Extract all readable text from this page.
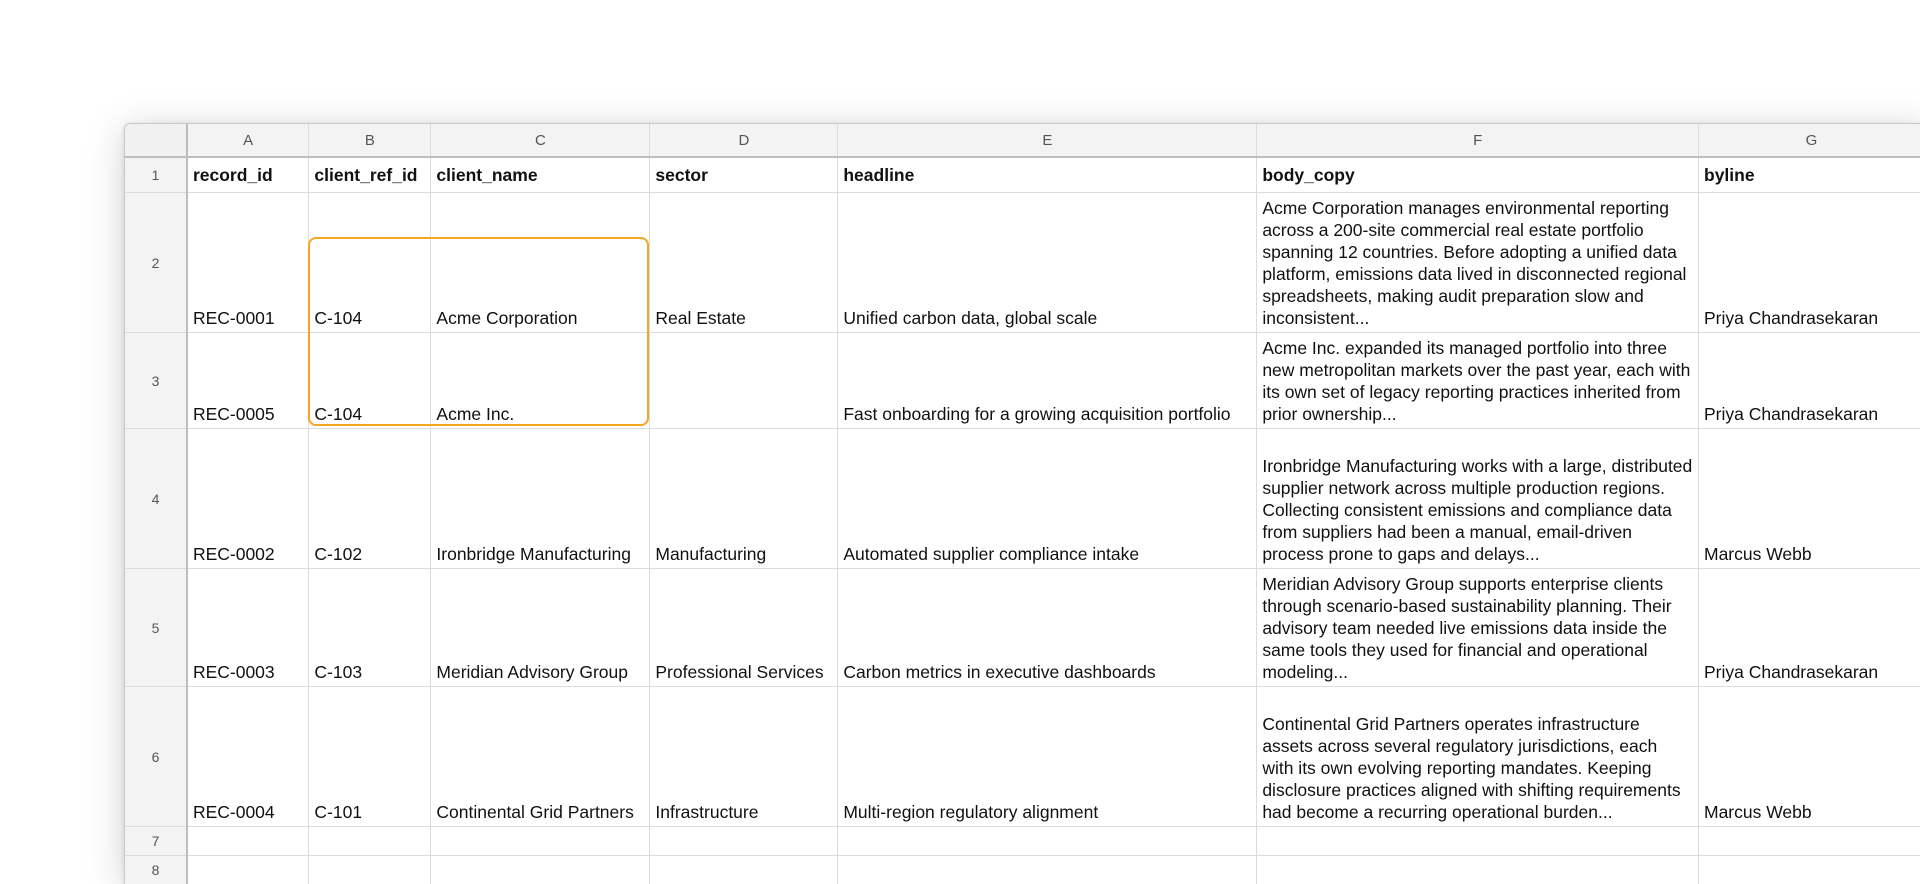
	A	B	C	D	E	F	G
1	record_id	client_ref_id	client_name	sector	headline	body_copy	byline
2	REC-0001	C-104	Acme Corporation	Real Estate	Unified carbon data, global scale	Acme Corporation manages environmental reporting across a 200-site commercial real estate portfolio spanning 12 countries. Before adopting a unified data platform, emissions data lived in disconnected regional spreadsheets, making audit preparation slow and inconsistent...	Priya Chandrasekaran
3	REC-0005	C-104	Acme Inc.		Fast onboarding for a growing acquisition portfolio	Acme Inc. expanded its managed portfolio into three new metropolitan markets over the past year, each with its own set of legacy reporting practices inherited from prior ownership...	Priya Chandrasekaran
4	REC-0002	C-102	Ironbridge Manufacturing	Manufacturing	Automated supplier compliance intake	Ironbridge Manufacturing works with a large, distributed supplier network across multiple production regions. Collecting consistent emissions and compliance data from suppliers had been a manual, email-driven process prone to gaps and delays...	Marcus Webb
5	REC-0003	C-103	Meridian Advisory Group	Professional Services	Carbon metrics in executive dashboards	Meridian Advisory Group supports enterprise clients through scenario-based sustainability planning. Their advisory team needed live emissions data inside the same tools they used for financial and operational modeling...	Priya Chandrasekaran
6	REC-0004	C-101	Continental Grid Partners	Infrastructure	Multi-region regulatory alignment	Continental Grid Partners operates infrastructure assets across several regulatory jurisdictions, each with its own evolving reporting mandates. Keeping disclosure practices aligned with shifting requirements had become a recurring operational burden...	Marcus Webb
7							
8							
